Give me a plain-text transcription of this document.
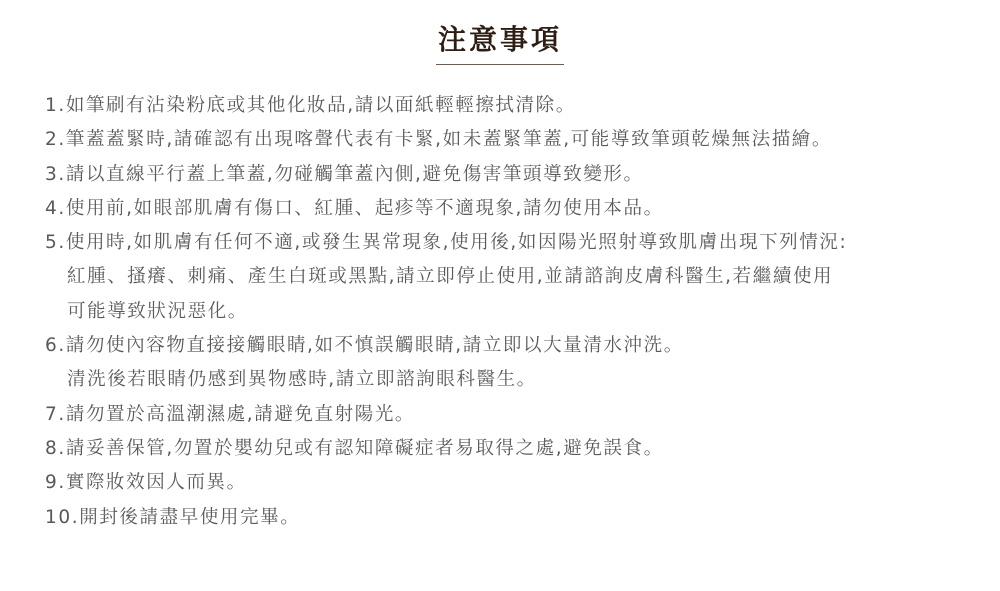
注意事項
1.如筆刷有沾染粉底或其他化妝品,請以面紙輕輕擦拭清除。
2.筆蓋蓋緊時,請確認有出現喀聲代表有卡緊,如未蓋緊筆蓋,可能導致筆頭乾燥無法描繪。
3.請以直線平行蓋上筆蓋,勿碰觸筆蓋內側,避免傷害筆頭導致變形。
4.使用前,如眼部肌膚有傷口、紅腫、起疹等不適現象,請勿使用本品。
5.使用時,如肌膚有任何不適,或發生異常現象,使用後,如因陽光照射導致肌膚出現下列情況:
紅腫、搔癢、刺痛、產生白斑或黑點,請立即停止使用,並請諮詢皮膚科醫生,若繼續使用
可能導致狀況惡化。
6.請勿使內容物直接接觸眼睛,如不慎誤觸眼睛,請立即以大量清水沖洗。
清洗後若眼睛仍感到異物感時,請立即諮詢眼科醫生。
7.請勿置於高溫潮濕處,請避免直射陽光。
8.請妥善保管,勿置於嬰幼兒或有認知障礙症者易取得之處,避免誤食。
9.實際妝效因人而異。
10.開封後請盡早使用完畢。
